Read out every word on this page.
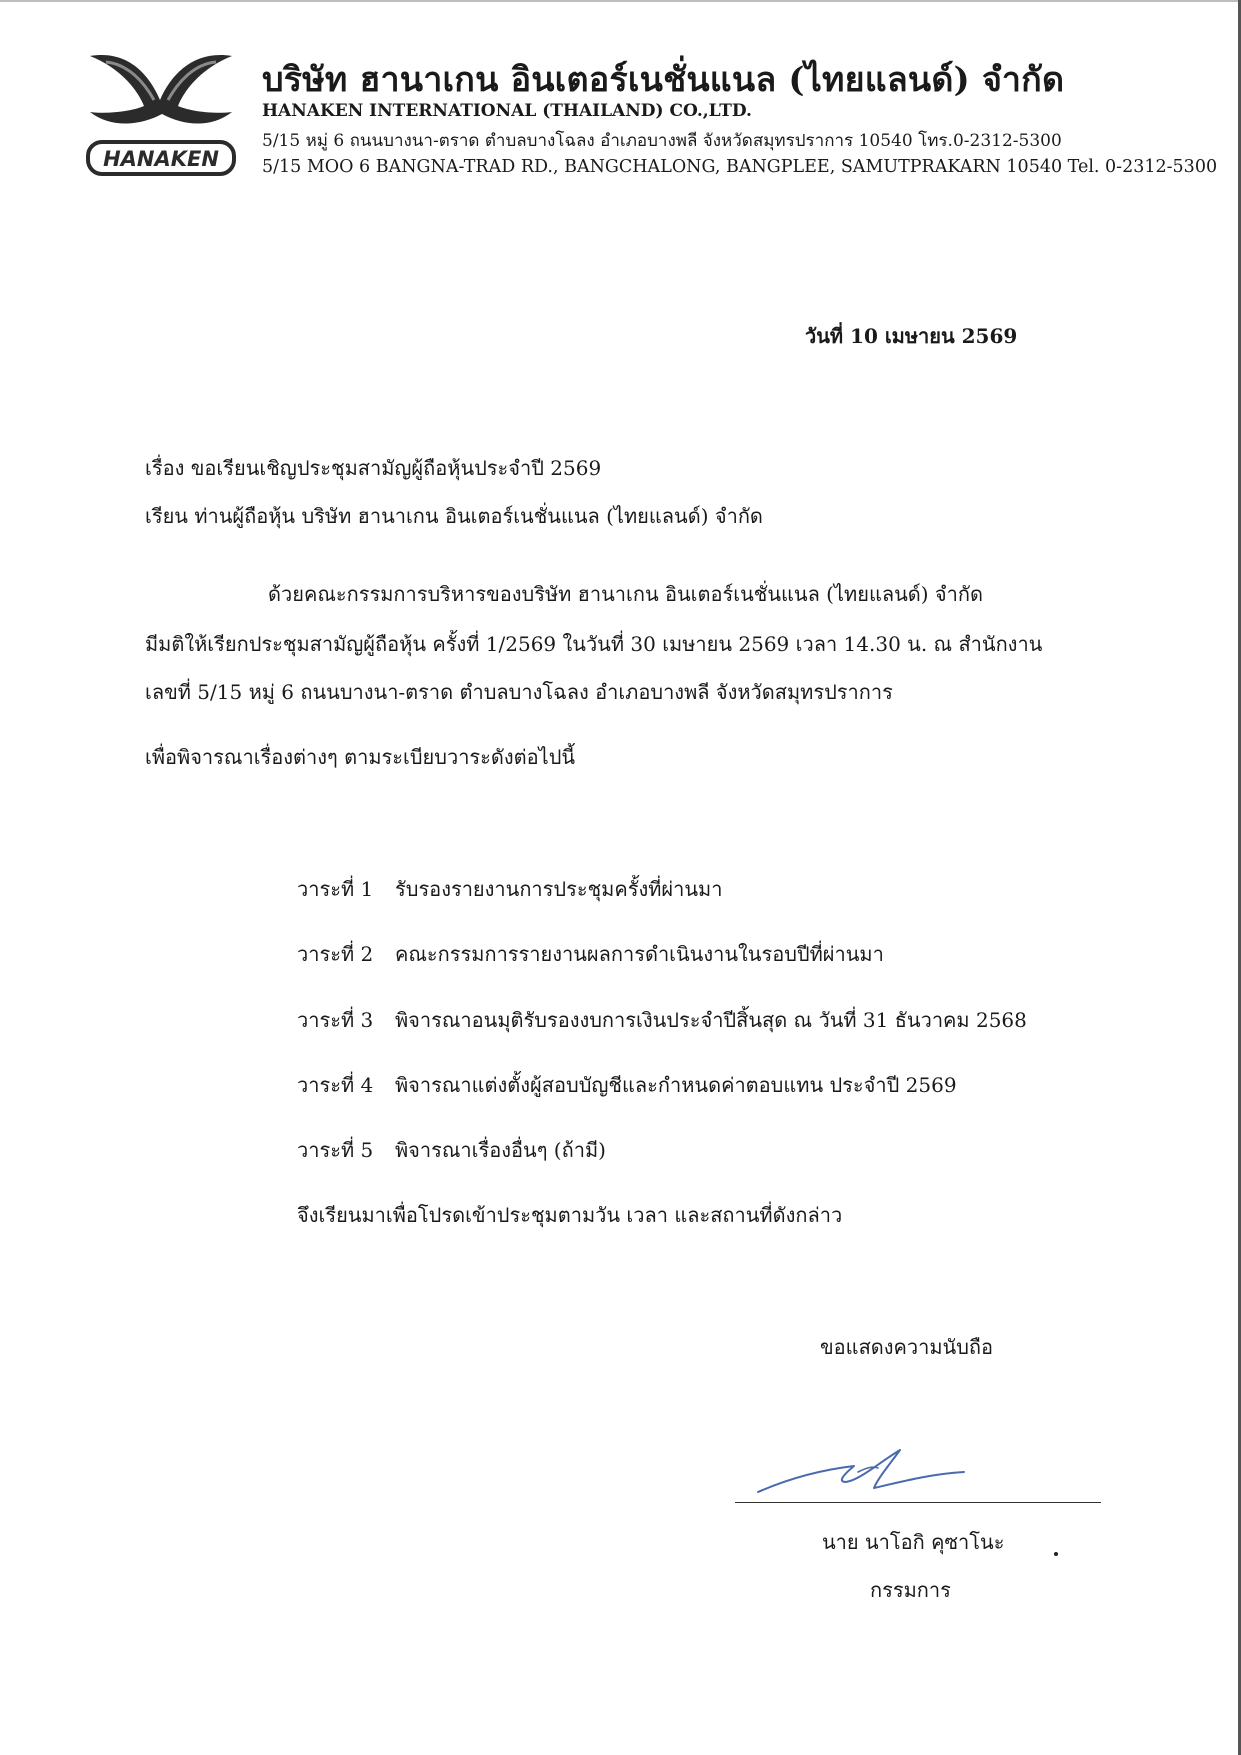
HANAKEN
บริษัท ฮานาเกน อินเตอร์เนชั่นแนล (ไทยแลนด์) จำกัด
HANAKEN INTERNATIONAL (THAILAND) CO.,LTD.
5/15 หมู่ 6 ถนนบางนา-ตราด ตำบลบางโฉลง อำเภอบางพลี จังหวัดสมุทรปราการ 10540 โทร.0-2312-5300
5/15 MOO 6 BANGNA-TRAD RD., BANGCHALONG, BANGPLEE, SAMUTPRAKARN 10540 Tel. 0-2312-5300
วันที่ 10 เมษายน 2569
เรื่อง ขอเรียนเชิญประชุมสามัญผู้ถือหุ้นประจำปี 2569
เรียน ท่านผู้ถือหุ้น บริษัท ฮานาเกน อินเตอร์เนชั่นแนล (ไทยแลนด์) จำกัด
ด้วยคณะกรรมการบริหารของบริษัท ฮานาเกน อินเตอร์เนชั่นแนล (ไทยแลนด์) จำกัด
มีมติให้เรียกประชุมสามัญผู้ถือหุ้น ครั้งที่ 1/2569 ในวันที่ 30 เมษายน 2569 เวลา 14.30 น. ณ สำนักงาน
เลขที่ 5/15 หมู่ 6 ถนนบางนา-ตราด ตำบลบางโฉลง อำเภอบางพลี จังหวัดสมุทรปราการ
เพื่อพิจารณาเรื่องต่างๆ ตามระเบียบวาระดังต่อไปนี้
วาระที่ 1 รับรองรายงานการประชุมครั้งที่ผ่านมา
วาระที่ 2 คณะกรรมการรายงานผลการดำเนินงานในรอบปีที่ผ่านมา
วาระที่ 3 พิจารณาอนมุติรับรองงบการเงินประจำปีสิ้นสุด ณ วันที่ 31 ธันวาคม 2568
วาระที่ 4 พิจารณาแต่งตั้งผู้สอบบัญชีและกำหนดค่าตอบแทน ประจำปี 2569
วาระที่ 5 พิจารณาเรื่องอื่นๆ (ถ้ามี)
จึงเรียนมาเพื่อโปรดเข้าประชุมตามวัน เวลา และสถานที่ดังกล่าว
ขอแสดงความนับถือ
นาย นาโอกิ คุซาโนะ
กรรมการ
